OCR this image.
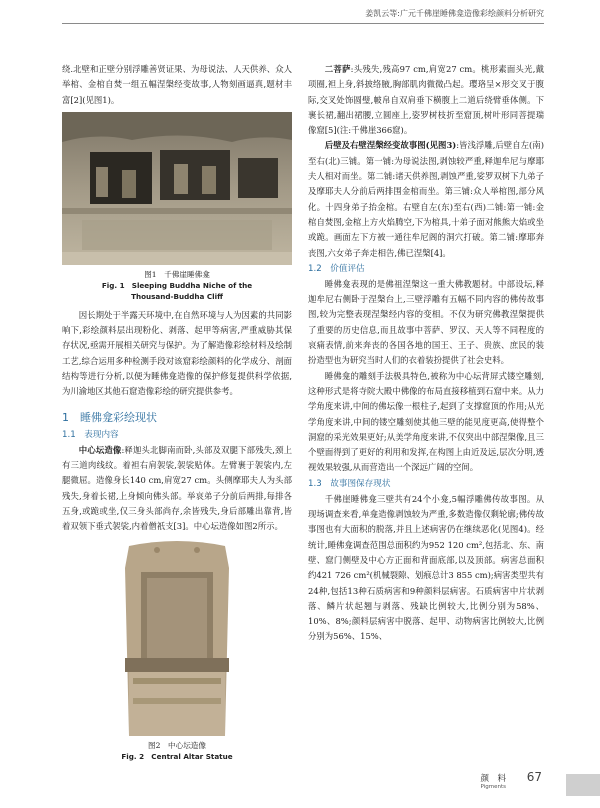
姜凯云等:广元千佛崖睡佛龛造像彩绘颜料分析研究

绕.北壁和正壁分别浮雕善贤证果、为母说法、人天供养、众人举棺、金棺自焚一组五幅涅槃经变故事,人物刻画逼真,题材丰富[2](见图1)。

图1　千佛崖睡佛龛
Fig. 1　Sleeping Buddha Niche of the
Thousand-Buddha Cliff

因长期处于半露天环境中,在自然环境与人为因素的共同影响下,彩绘颜料层出现粉化、剥落、起甲等病害,严重威胁其保存状况,亟需开展相关研究与保护。为了解造像彩绘材料及绘制工艺,综合运用多种检测手段对该窟彩绘颜料的化学成分、剖面结构等进行分析,以便为睡佛龛造像的保护修复提供科学依据,为川渝地区其他石窟造像彩绘的研究提供参考。

1　睡佛龛彩绘现状
1.1　表现内容

中心坛造像:释迦头北脚南而卧,头部及双腿下部残失,颈上有三道肉线纹。着袒右肩袈裟,袈裟贴体。左臂裹于袈裟内,左腿微屈。造像身长140 cm,肩宽27 cm。头侧摩耶夫人为头部残失,身着长裙,上身倾向佛头部。举哀弟子分前后两排,每排各五身,或跪或坐,仅三身头部尚存,余皆残失,身后部雕出靠背,皆着双领下垂式袈裟,内着僧祇支[3]。中心坛造像如图2所示。

图2　中心坛造像
Fig. 2　Central Altar Statue

二菩萨:头残失,残高97 cm,肩宽27 cm。桃形素面头光,戴项圈,袒上身,斜披络腋,胸部肌肉微微凸起。璎珞呈×形交叉于腹际,交叉处饰圆璧,帔帛自双肩垂下横腹上二道后绕臂垂体侧。下裹长裙,翻出裙腰,立圆座上,姿罗树枝折至窟顶,树叶形同菩提瑞像窟[5](注:千佛崖366窟)。

后壁及右壁涅槃经变故事图(见图3):皆浅浮雕,后壁自左(南)至右(北)三铺。第一铺:为母说法图,剥蚀较严重,释迦牟尼与摩耶夫人相对而坐。第二铺:诸天供养图,剥蚀严重,娑罗双树下九弟子及摩耶夫人分前后两排围金棺而坐。第三铺:众人举棺图,部分风化。十四身弟子抬金棺。右壁自左(东)至右(西)二铺:第一铺:金棺自焚图,金棺上方火焰腾空,下为棺具,十弟子面对熊熊大焰或坐或跪。画面左下方被一通往牟尼阁的洞穴打破。第二铺:摩耶奔丧图,六女弟子奔走相告,佛已涅槃[4]。

1.2　价值评估

睡佛龛表现的是佛祖涅槃这一重大佛教题材。中部设坛,释迦牟尼右侧卧于涅槃台上,三壁浮雕有五幅不同内容的佛传故事图,较为完整表现涅槃经内容的变相。不仅为研究佛教涅槃提供了重要的历史信息,而且故事中菩萨、罗汉、天人等不同程度的哀痛表情,前来奔丧的各国各地的国王、王子、贵族、庶民的装扮造型也为研究当时人们的衣着装扮提供了社会史料。

睡佛龛的雕刻手法极具特色,被称为中心坛背屏式镂空雕刻,这种形式是将寺院大殿中佛像的布局直接移植到石窟中来。从力学角度来讲,中间的佛坛像一根柱子,起到了支撑窟顶的作用;从光学角度来讲,中间的镂空雕刻使其他三壁的能见度更高,使得整个洞窟的采光效果更好;从美学角度来讲,不仅突出中部涅槃像,且三个壁面得到了更好的利用和发挥,在构图上由近及远,层次分明,透视效果较强,从而营造出一个深远广阔的空间。

1.3　故事图保存现状

千佛崖睡佛龛三壁共有24个小龛,5幅浮雕佛传故事图。从现场调查来看,单龛造像剥蚀较为严重,多数造像仅剩轮廓;佛传故事图也有大面积的脱落,并且上述病害仍在继续恶化(见图4)。经统计,睡佛龛调查范围总面积约为952 120 cm²,包括北、东、南壁、窟门侧壁及中心方正面和背面底部,以及顶部。病害总面积约421 726 cm²(机械裂隙、划痕总计3 855 cm);病害类型共有24种,包括13种石质病害和9种颜料层病害。石质病害中片状剥落、鳞片状起翘与剥落、残缺比例较大,比例分别为58%、10%、8%;颜料层病害中脱落、起甲、动物病害比例较大,比例分别为56%、15%、

颜　料
Pigments
67
